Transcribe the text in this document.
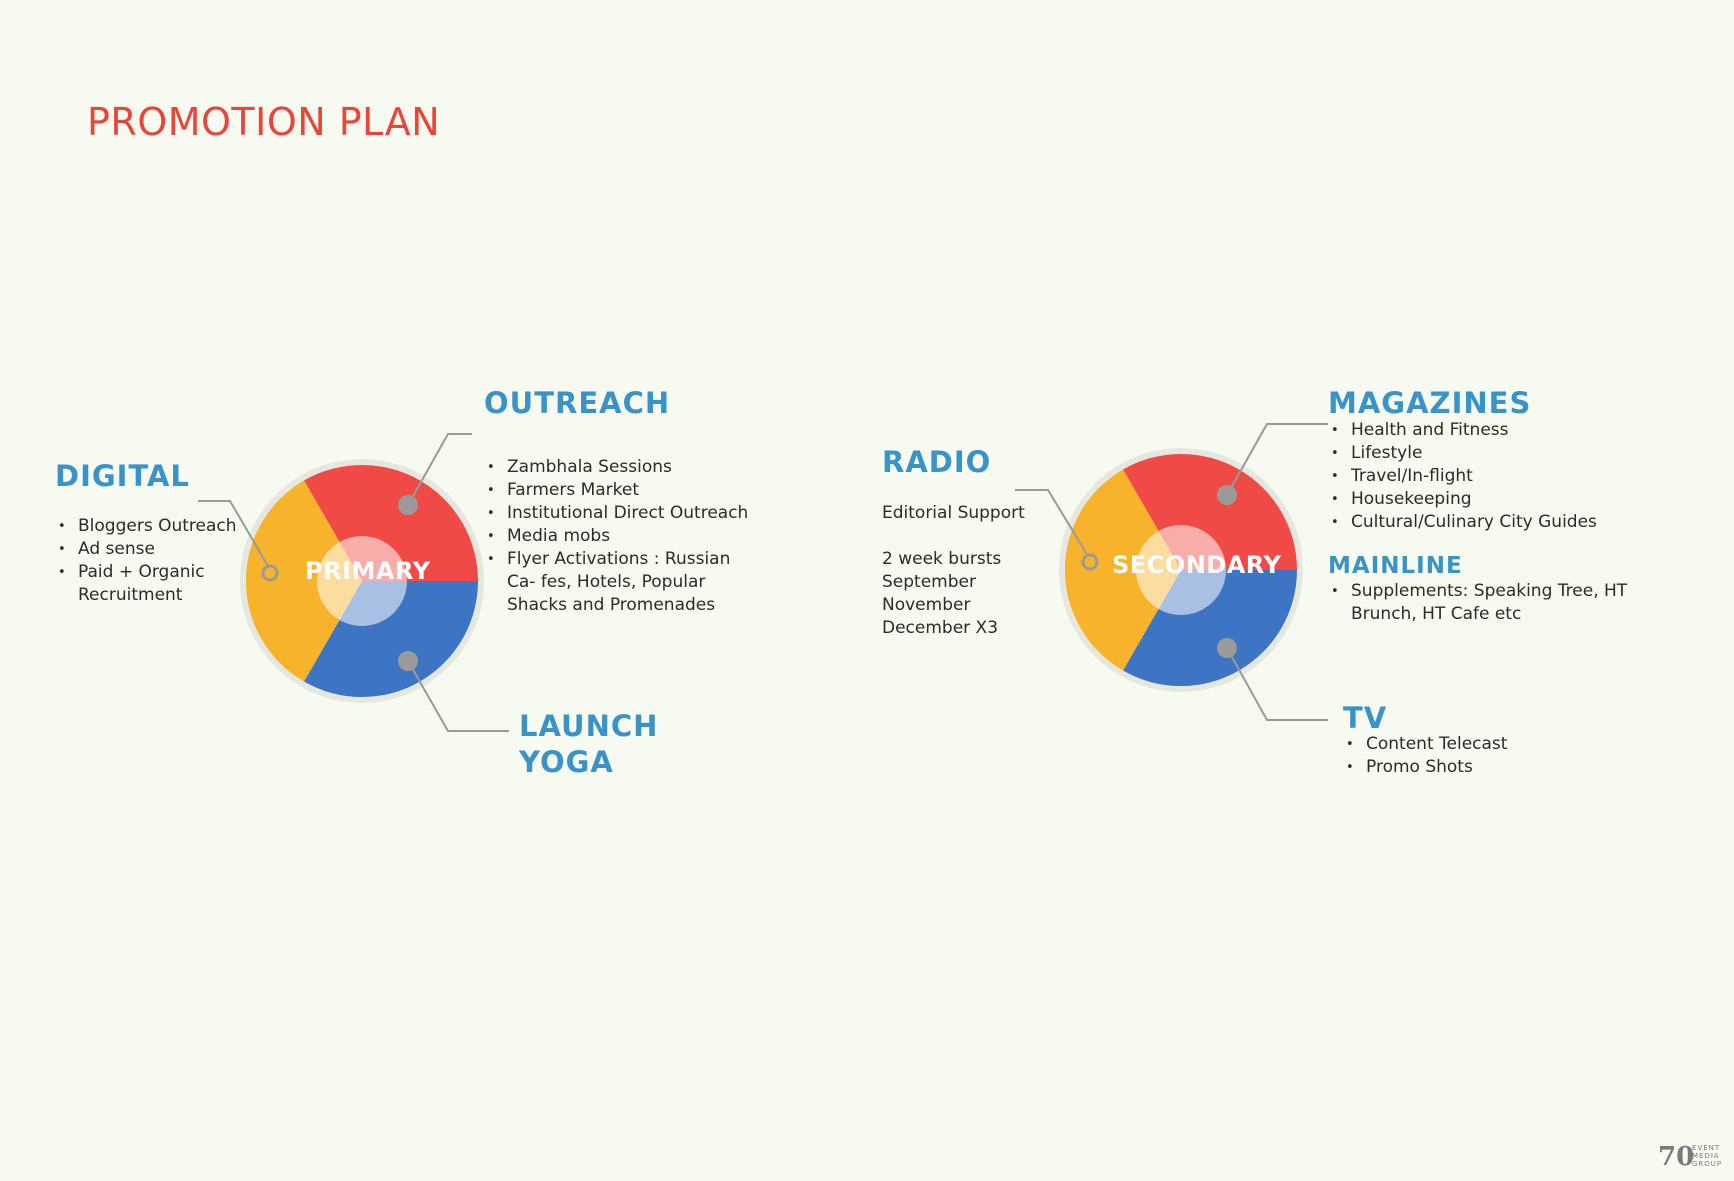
PROMOTION PLAN
PRIMARY
DIGITAL
• Bloggers Outreach
• Ad sense
• Paid + Organic Recruitment
OUTREACH
• Zambhala Sessions
• Farmers Market
• Institutional Direct Outreach
• Media mobs
• Flyer Activations : Russian Ca- fes, Hotels, Popular Shacks and Promenades
LAUNCH
YOGA
SECONDARY
RADIO
Editorial Support
2 week bursts
September
November
December X3
MAGAZINES
• Health and Fitness
• Lifestyle
• Travel/In-flight
• Housekeeping
• Cultural/Culinary City Guides
MAINLINE
• Supplements: Speaking Tree, HT Brunch, HT Cafe etc
TV
• Content Telecast
• Promo Shots
70
EVENT
MEDIA
GROUP
